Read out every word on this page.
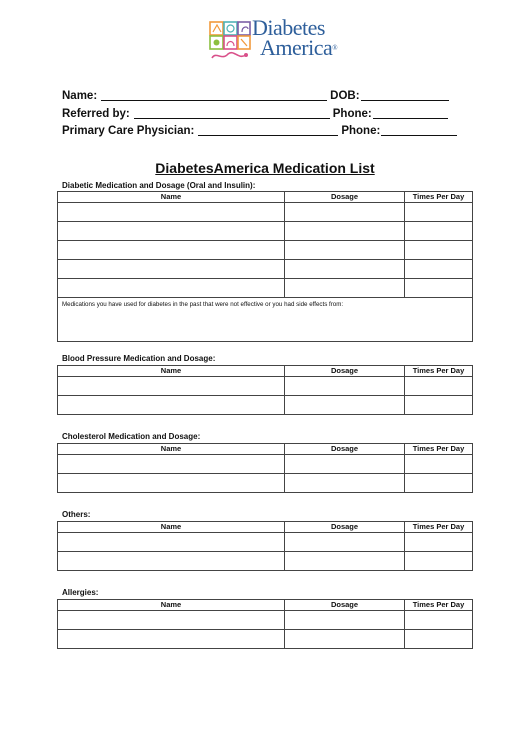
Diabetes
America®
Name:	DOB:
Referred by:	Phone:
Primary Care Physician:	Phone:
DiabetesAmerica Medication List
Diabetic Medication and Dosage (Oral and Insulin):
Name	Dosage	Times Per Day

Medications you have used for diabetes in the past that were not effective or you had side effects from:		
Blood Pressure Medication and Dosage:
Name	Dosage	Times Per Day

Cholesterol Medication and Dosage:
Name	Dosage	Times Per Day

Others:
Name	Dosage	Times Per Day

Allergies:
Name	Dosage	Times Per Day
